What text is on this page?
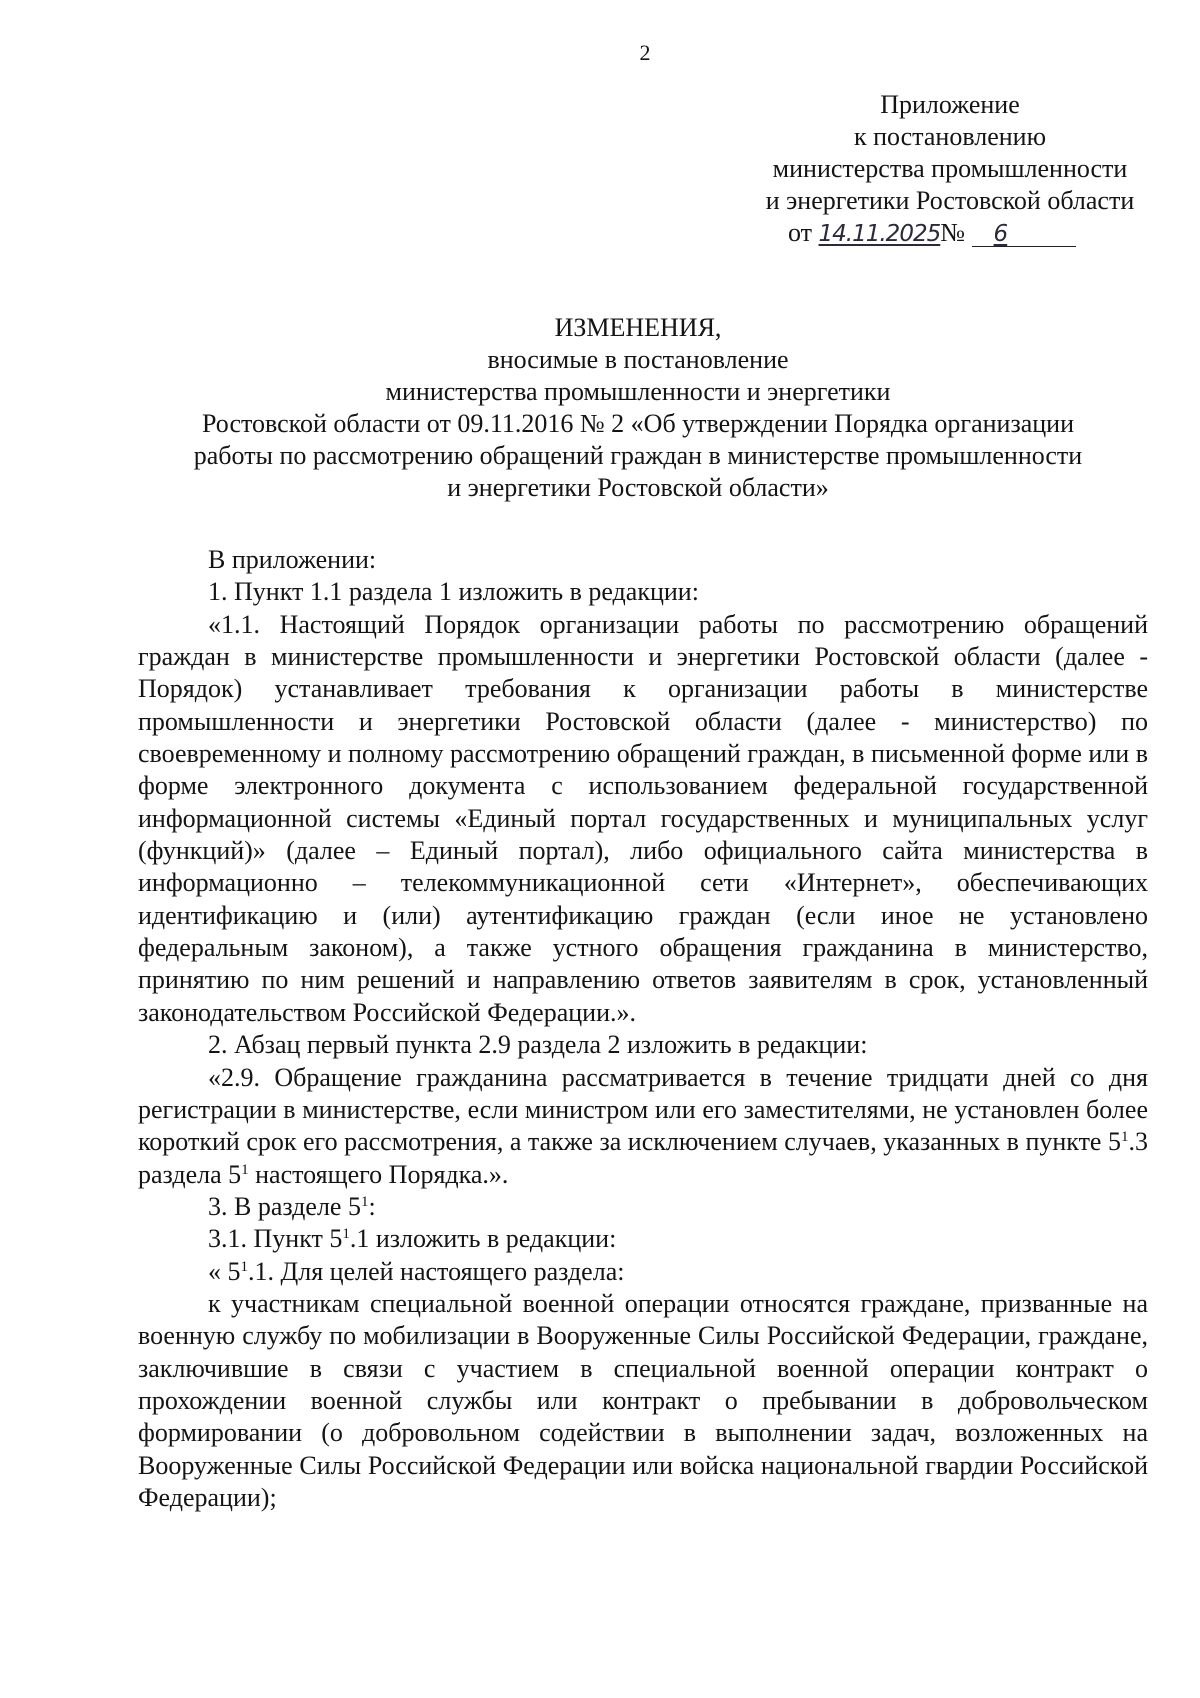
2
Приложение
к постановлению
министерства промышленности
и энергетики Ростовской области
от 14.11.2025№ 6
ИЗМЕНЕНИЯ,
вносимые в постановление
министерства промышленности и энергетики
Ростовской области от 09.11.2016 № 2 «Об утверждении Порядка организации
работы по рассмотрению обращений граждан в министерстве промышленности
и энергетики Ростовской области»

В приложении:

1. Пункт 1.1 раздела 1 изложить в редакции:

«1.1. Настоящий Порядок организации работы по рассмотрению обращений граждан в министерстве промышленности и энергетики Ростовской области (далее - Порядок) устанавливает требования к организации работы в министерстве промышленности и энергетики Ростовской области (далее - министерство) по своевременному и полному рассмотрению обращений граждан, в письменной форме или в форме электронного документа с использованием федеральной государственной информационной системы «Единый портал государственных и муниципальных услуг (функций)» (далее – Единый портал), либо официального сайта министерства в информационно – телекоммуникационной сети «Интернет», обеспечивающих идентификацию и (или) аутентификацию граждан (если иное не установлено федеральным законом), а также устного обращения гражданина в министерство, принятию по ним решений и направлению ответов заявителям в срок, установленный законодательством Российской Федерации.».

2. Абзац первый пункта 2.9 раздела 2 изложить в редакции:

«2.9. Обращение гражданина рассматривается в течение тридцати дней со дня регистрации в министерстве, если министром или его заместителями, не установлен более короткий срок его рассмотрения, а также за исключением случаев, указанных в пункте $5^1.3$ раздела $5^1$ настоящего Порядка.».

3. В разделе $5^1$:

3.1. Пункт $5^1.1$ изложить в редакции:

« $5^1.1$. Для целей настоящего раздела:

к участникам специальной военной операции относятся граждане, призванные на военную службу по мобилизации в Вооруженные Силы Российской Федерации, граждане, заключившие в связи с участием в специальной военной операции контракт о прохождении военной службы или контракт о пребывании в добровольческом формировании (о добровольном содействии в выполнении задач, возложенных на Вооруженные Силы Российской Федерации или войска национальной гвардии Российской Федерации);
